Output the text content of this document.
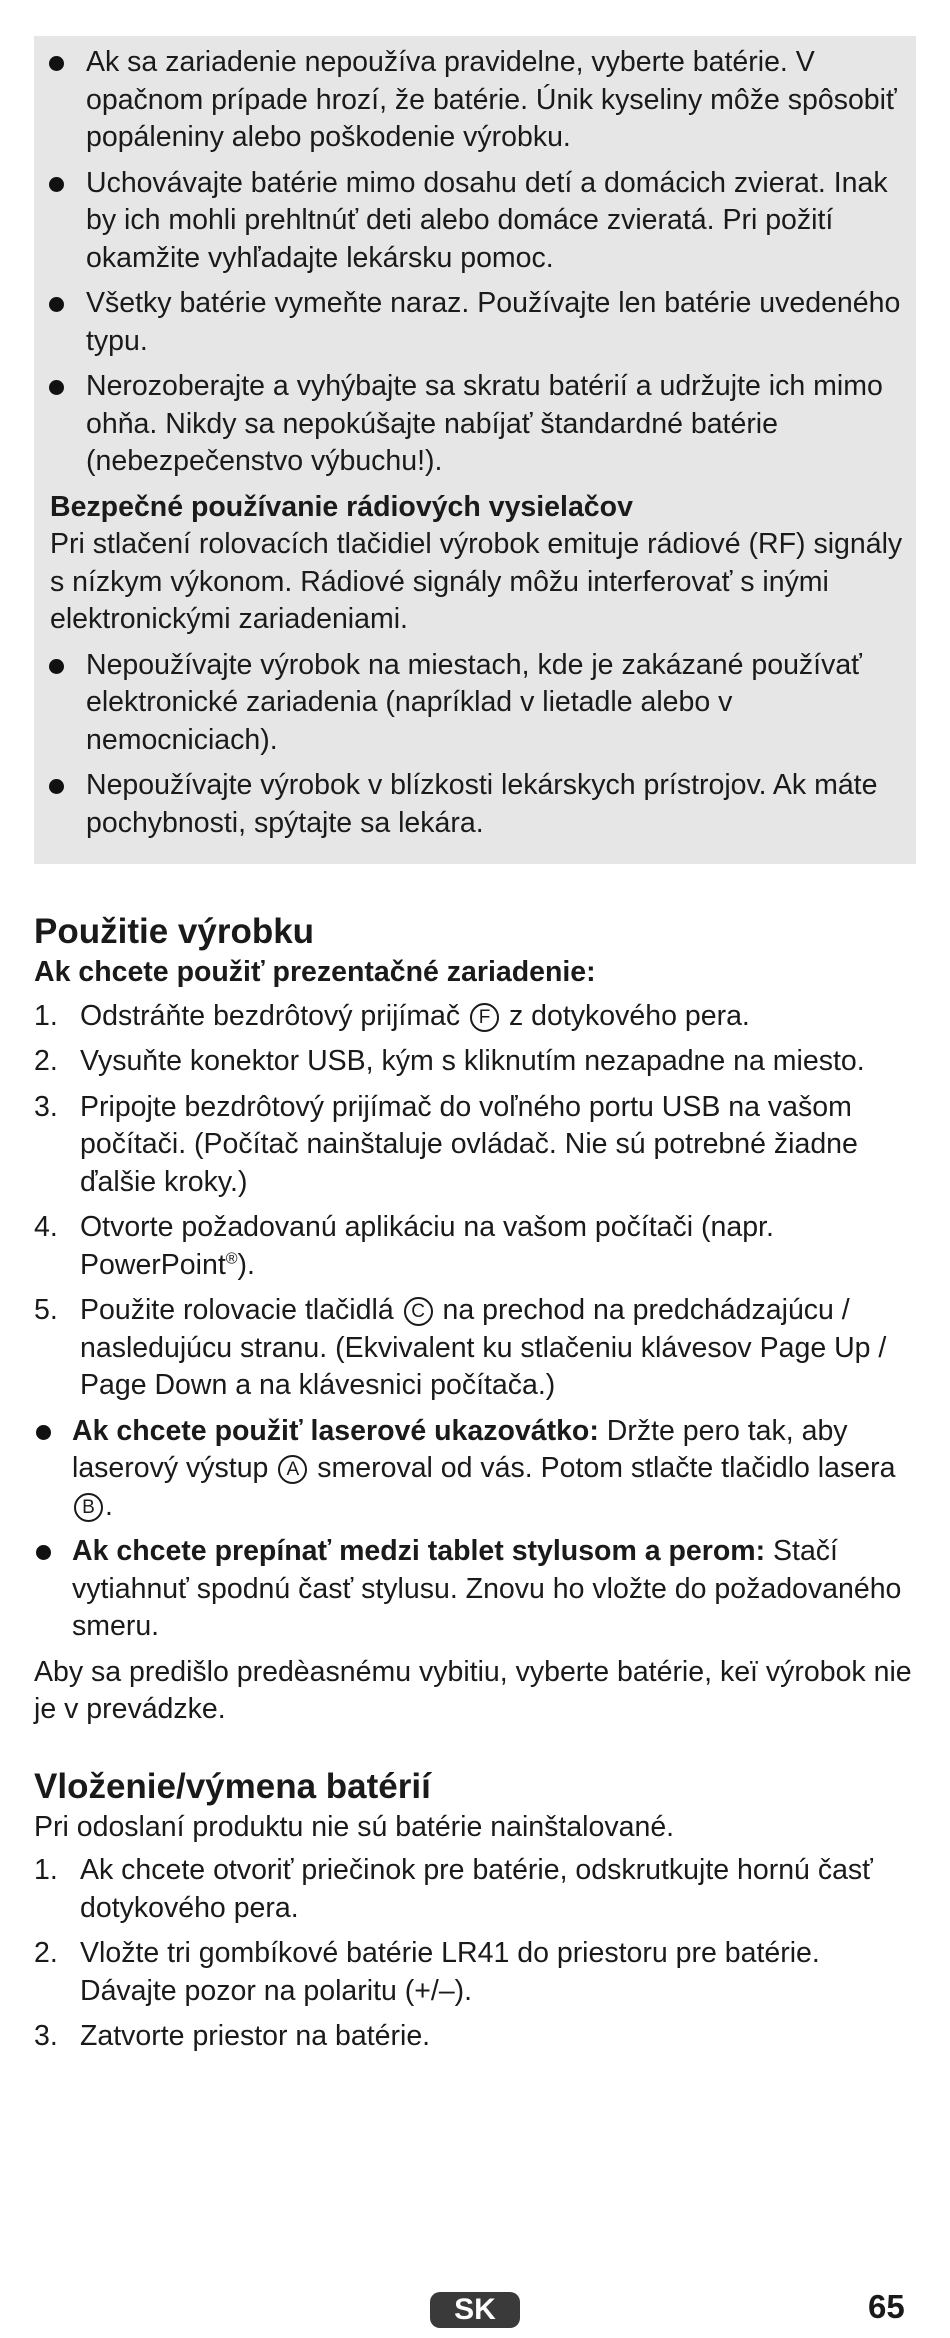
Ak sa zariadenie nepoužíva pravidelne, vyberte batérie. V opačnom prípade hrozí, že batérie. Únik kyseliny môže spôsobiť popáleniny alebo poškodenie výrobku.
Uchovávajte batérie mimo dosahu detí a domácich zvierat. Inak by ich mohli prehltnúť deti alebo domáce zvieratá. Pri požití okamžite vyhľadajte lekársku pomoc.
Všetky batérie vymeňte naraz. Používajte len batérie uvedeného typu.
Nerozoberajte a vyhýbajte sa skratu batérií a udržujte ich mimo ohňa. Nikdy sa nepokúšajte nabíjať štandardné batérie (nebezpečenstvo výbuchu!).
Bezpečné používanie rádiových vysielačov
Pri stlačení rolovacích tlačidiel výrobok emituje rádiové (RF) signály s nízkym výkonom. Rádiové signály môžu interferovať s inými elektronickými zariadeniami.
Nepoužívajte výrobok na miestach, kde je zakázané používať elektronické zariadenia (napríklad v lietadle alebo v nemocniciach).
Nepoužívajte výrobok v blízkosti lekárskych prístrojov. Ak máte pochybnosti, spýtajte sa lekára.
Použitie výrobku
Ak chcete použiť prezentačné zariadenie:
1. Odstráňte bezdrôtový prijímač F z dotykového pera.
2. Vysuňte konektor USB, kým s kliknutím nezapadne na miesto.
3. Pripojte bezdrôtový prijímač do voľného portu USB na vašom počítači. (Počítač nainštaluje ovládač. Nie sú potrebné žiadne ďalšie kroky.)
4. Otvorte požadovanú aplikáciu na vašom počítači (napr. PowerPoint®).
5. Použite rolovacie tlačidlá C na prechod na predchádzajúcu / nasledujúcu stranu. (Ekvivalent ku stlačeniu klávesov Page Up / Page Down a na klávesnici počítača.)
Ak chcete použiť laserové ukazovátko: Držte pero tak, aby laserový výstup A smeroval od vás. Potom stlačte tlačidlo lasera B .
Ak chcete prepínať medzi tablet stylusom a perom: Stačí vytiahnuť spodnú časť stylusu. Znovu ho vložte do požadovaného smeru.
Aby sa predišlo predèasnému vybitiu, vyberte batérie, keï výrobok nie je v prevádzke.
Vloženie/výmena batérií
Pri odoslaní produktu nie sú batérie nainštalované.
1. Ak chcete otvoriť priečinok pre batérie, odskrutkujte hornú časť dotykového pera.
2. Vložte tri gombíkové batérie LR41 do priestoru pre batérie. Dávajte pozor na polaritu (+/–).
3. Zatvorte priestor na batérie.
SK	65
